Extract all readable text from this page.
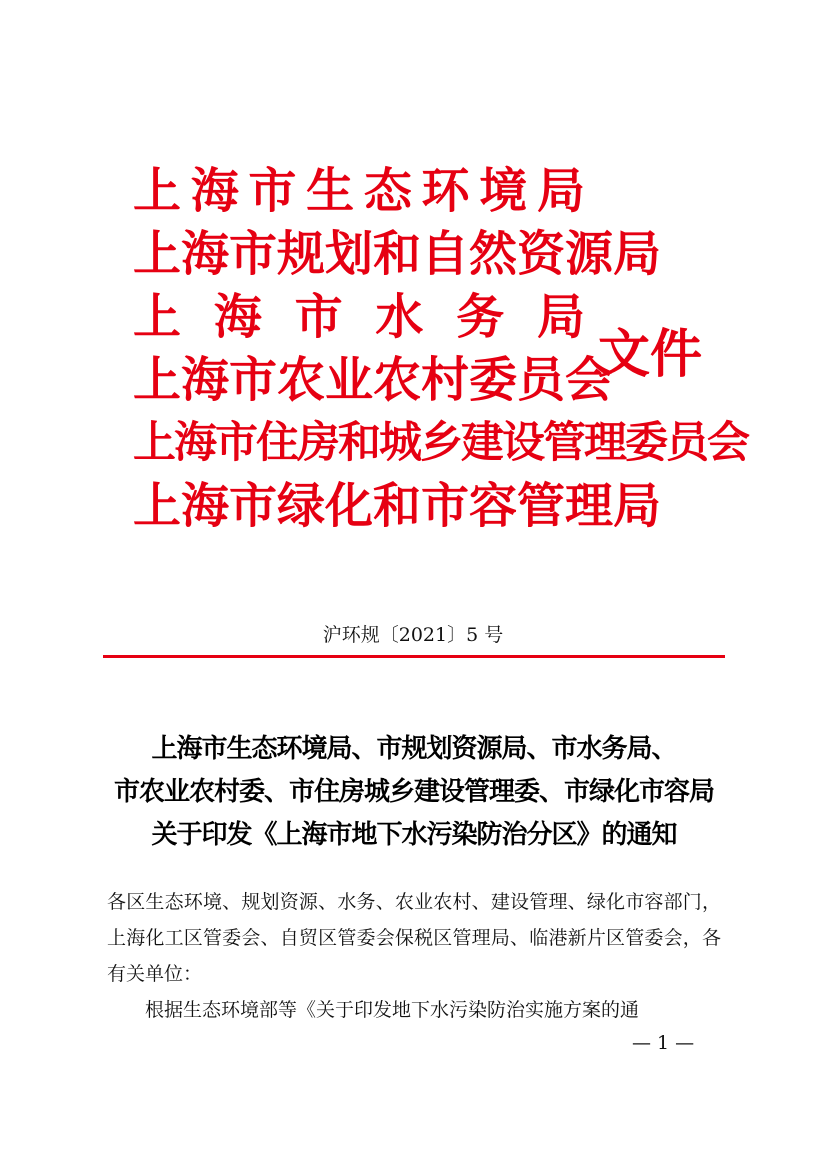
上海市生态环境局
上海市规划和自然资源局
上海市水务局
上海市农业农村委员会
上海市住房和城乡建设管理委员会
上海市绿化和市容管理局
文件
沪环规〔2021〕5 号
上海市生态环境局、市规划资源局、市水务局、
市农业农村委、市住房城乡建设管理委、市绿化市容局
关于印发《上海市地下水污染防治分区》的通知

各区生态环境、规划资源、水务、农业农村、建设管理、绿化市容部门，上海化工区管委会、自贸区管委会保税区管理局、临港新片区管委会，各有关单位：

根据生态环境部等《关于印发地下水污染防治实施方案的通

— 1 —
